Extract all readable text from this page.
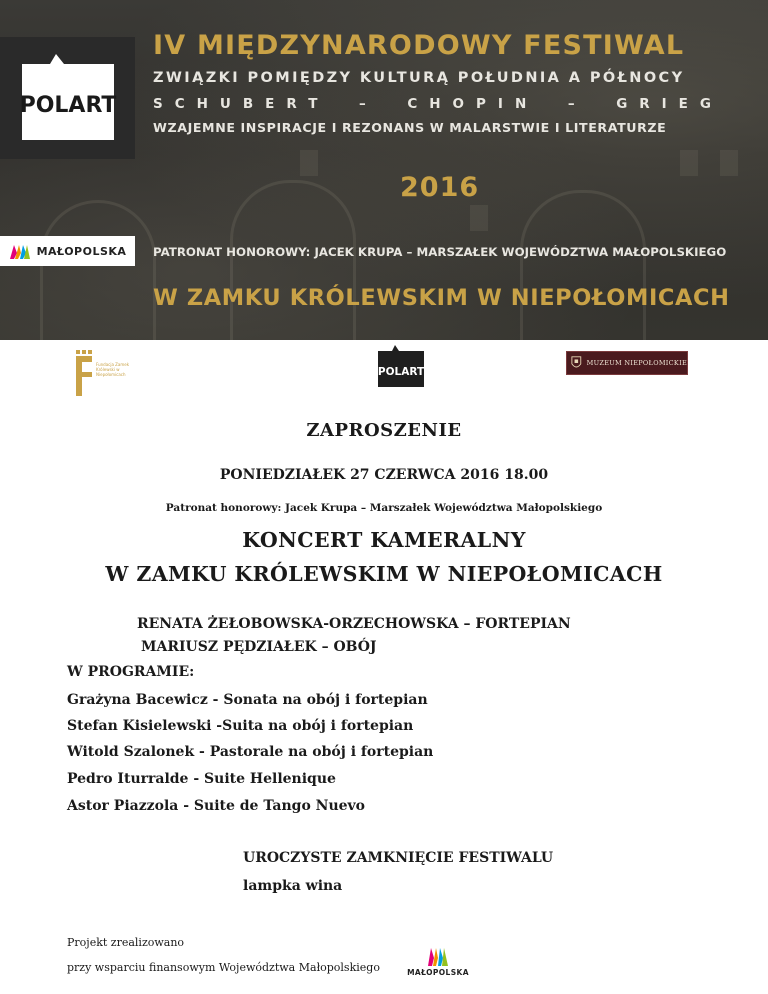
POLART
IV MIĘDZYNARODOWY FESTIWAL
ZWIĄZKI POMIĘDZY KULTURĄ POŁUDNIA A PÓŁNOCY
SCHUBERT – CHOPIN – GRIEG
WZAJEMNE INSPIRACJE I REZONANS W MALARSTWIE I LITERATURZE
2016
MAŁOPOLSKA PATRONAT HONOROWY: JACEK KRUPA – MARSZAŁEK WOJEWÓDZTWA MAŁOPOLSKIEGO
W ZAMKU KRÓLEWSKIM W NIEPOŁOMICACH
Fundacja Zamek Królewski w Niepołomicach	POLART
MUZEUM NIEPOŁOMICKIE
ZAPROSZENIE
PONIEDZIAŁEK 27 CZERWCA 2016 18.00
Patronat honorowy: Jacek Krupa – Marszałek Województwa Małopolskiego
KONCERT KAMERALNY
W ZAMKU KRÓLEWSKIM W NIEPOŁOMICACH
RENATA ŻEŁOBOWSKA-ORZECHOWSKA – FORTEPIAN
MARIUSZ PĘDZIAŁEK – OBÓJ
W PROGRAMIE:
Grażyna Bacewicz - Sonata na obój i fortepian
Stefan Kisielewski -Suita na obój i fortepian
Witold Szalonek - Pastorale na obój i fortepian
Pedro Iturralde - Suite Hellenique
Astor Piazzola - Suite de Tango Nuevo
UROCZYSTE ZAMKNIĘCIE FESTIWALU
lampka wina
Projekt zrealizowano
przy wsparciu finansowym Województwa Małopolskiego	MAŁOPOLSKA
